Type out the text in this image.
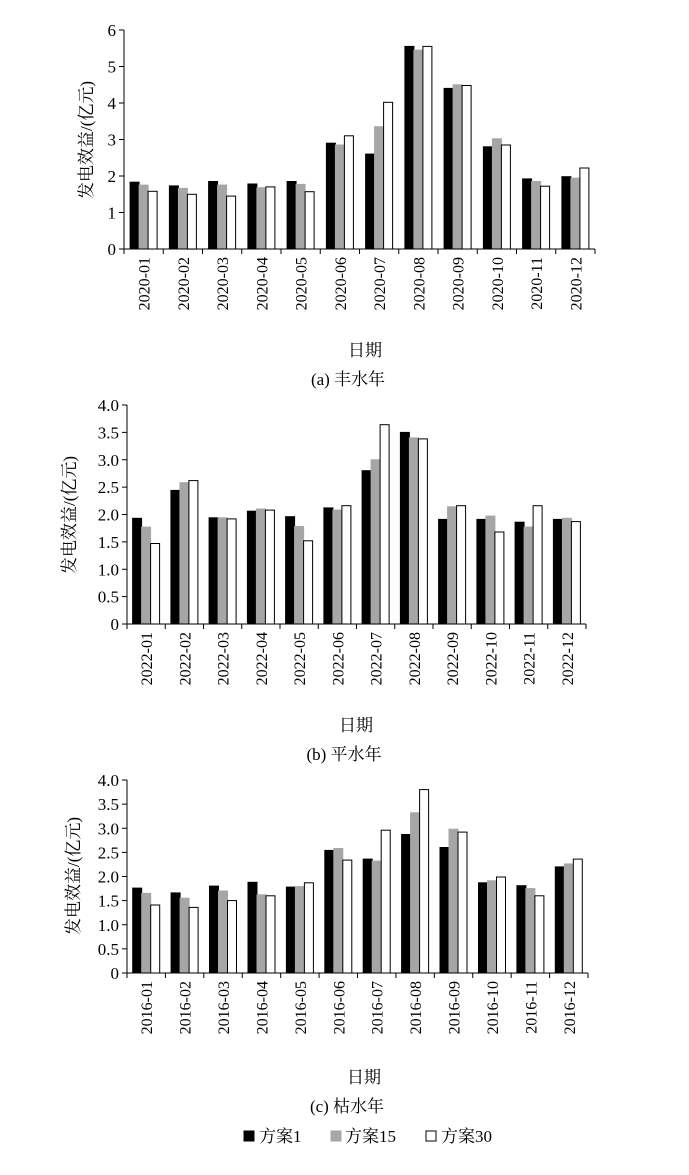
发电效益/(亿元)
0
1
2
3
4
5
6
2020-01 2020-02 2020-03 2020-04 2020-05 2020-06 2020-07 2020-08 2020-09 2020-10 2020-11 2020-12
日期
(a) 丰水年
发电效益/(亿元)
0
0.5
1.0
1.5
2.0
2.5
3.0
3.5
4.0
2022-01 2022-02 2022-03 2022-04 2022-05 2022-06 2022-07 2022-08 2022-09 2022-10 2022-11 2022-12
日期
(b) 平水年
发电效益/(亿元)
0
0.5
1.0
1.5
2.0
2.5
3.0
3.5
4.0
2016-01 2016-02 2016-03 2016-04 2016-05 2016-06 2016-07 2016-08 2016-09 2016-10 2016-11 2016-12
日期
(c) 枯水年
方案1	方案15	方案30
